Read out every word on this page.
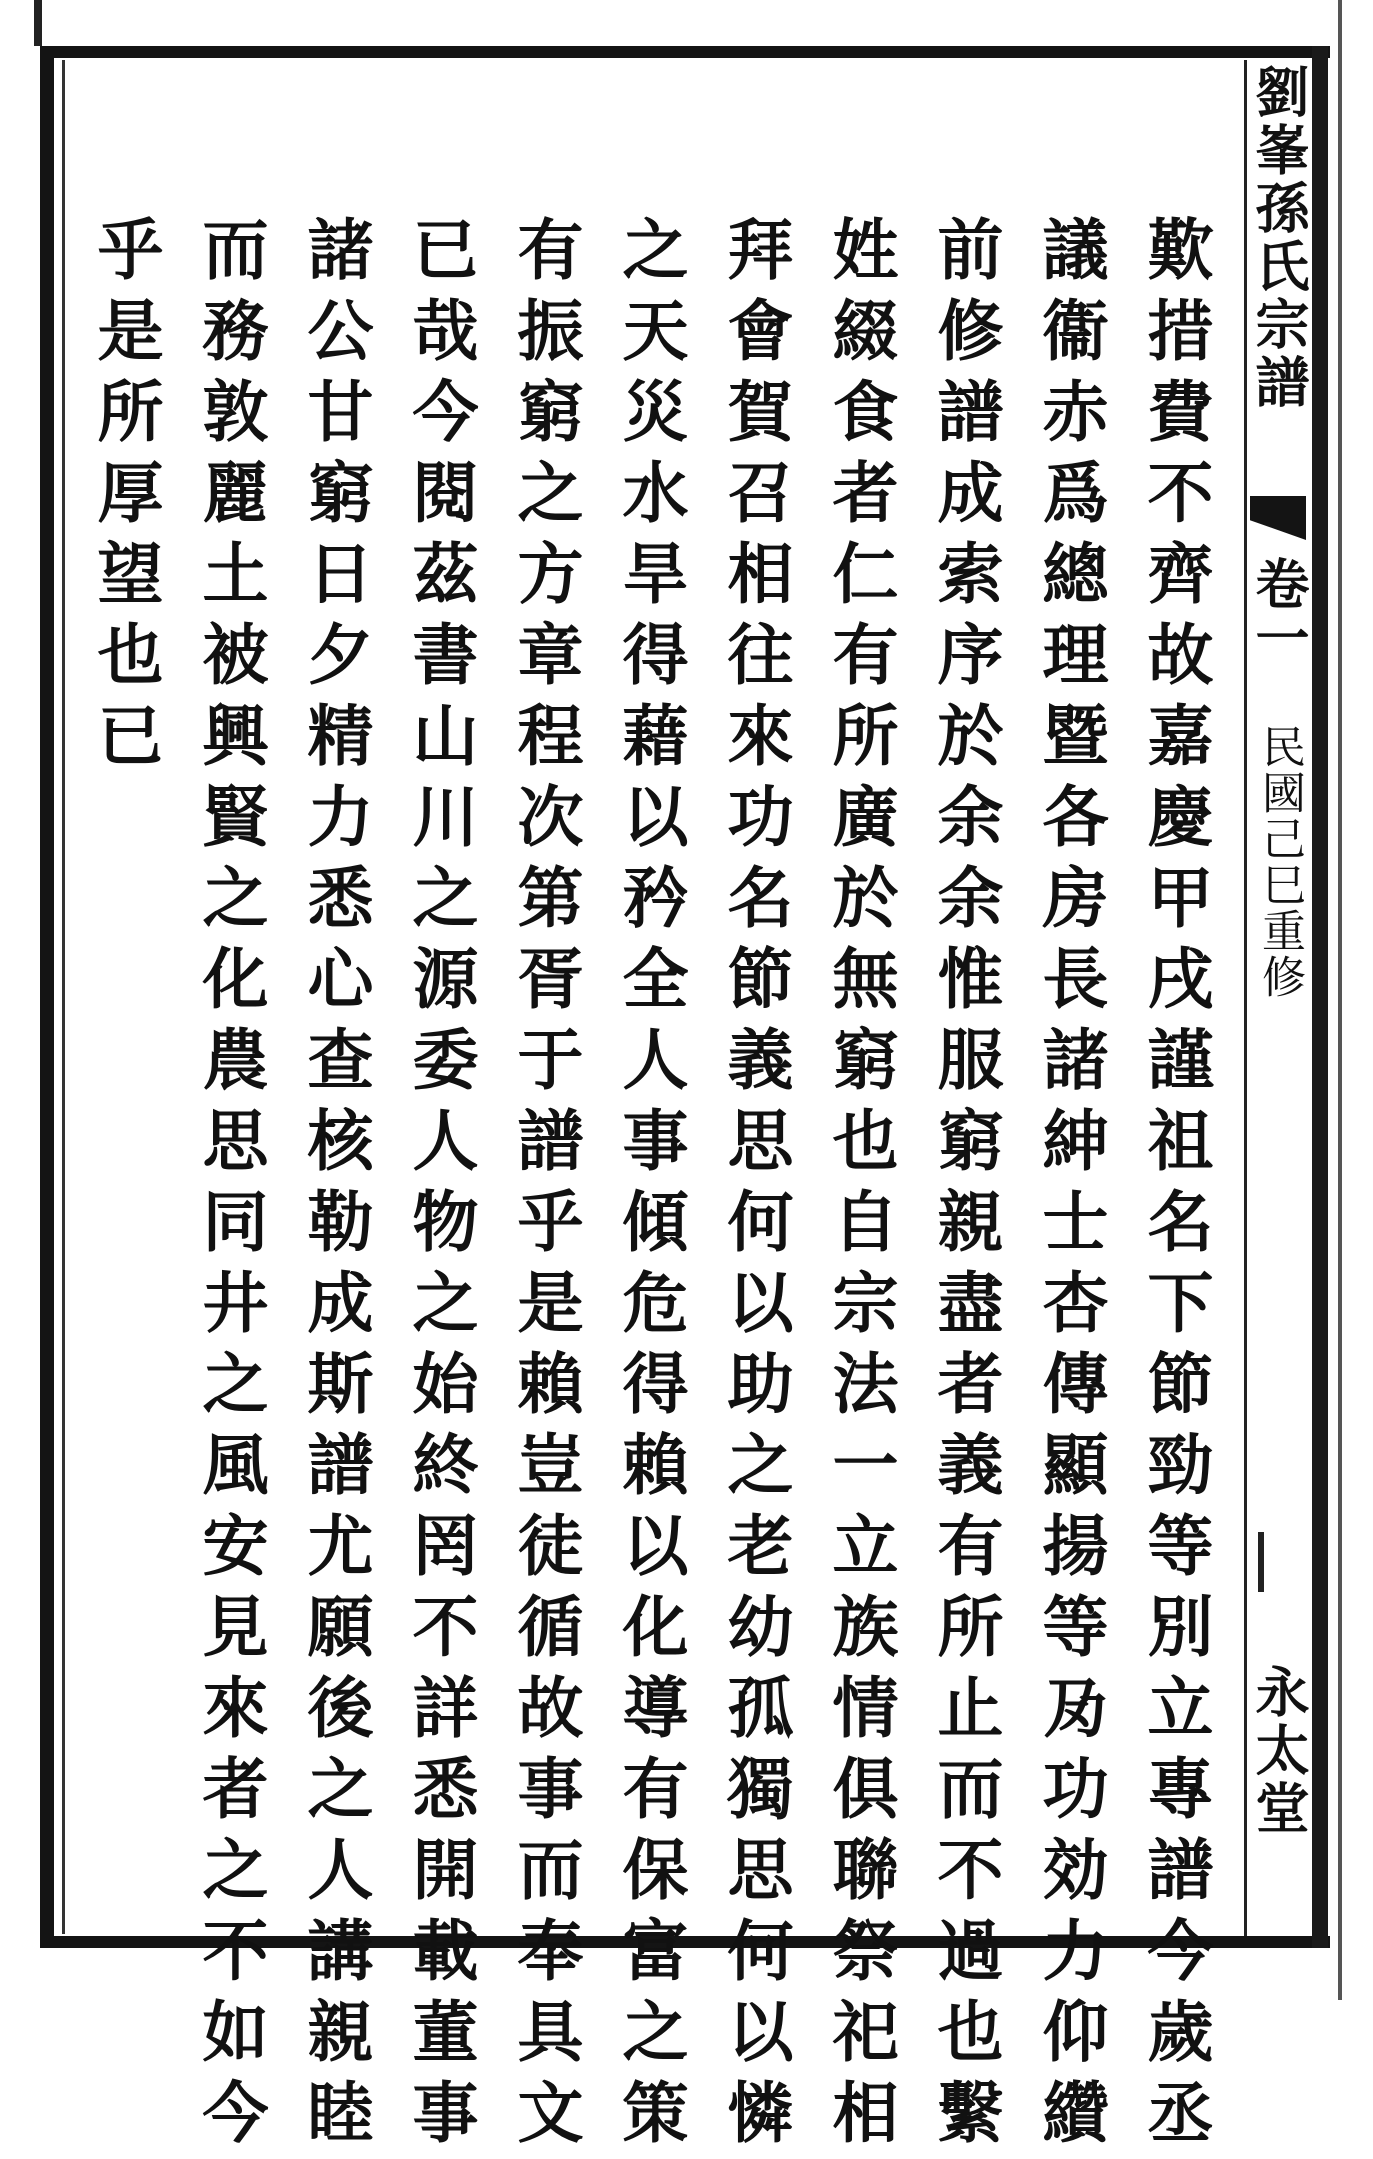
劉峯孫氏宗譜
卷一
民國己巳重修
永太堂
歎措費不齊故嘉慶甲戌謹祖名下節勁等別立專譜今歲丞
議衞赤爲總理暨各房長諸紳士杏傳顯揚等夃功効力仰纘
前修譜成索序於余余惟服窮親盡者義有所止而不過也繫
姓綴食者仁有所廣於無窮也自宗法一立族情俱聯祭祀相
拜會賀召相往來功名節義思何以助之老幼孤獨思何以憐
之天災水旱得藉以矜全人事傾危得賴以化導有保富之策
有振窮之方章程次第胥于譜乎是賴豈徒循故事而奉具文
已哉今閱茲書山川之源委人物之始終罔不詳悉開載董事
諸公甘窮日夕精力悉心查核勒成斯譜尤願後之人講親睦
而務敦麗土被興賢之化農思同井之風安見來者之不如今
乎是所厚望也已
